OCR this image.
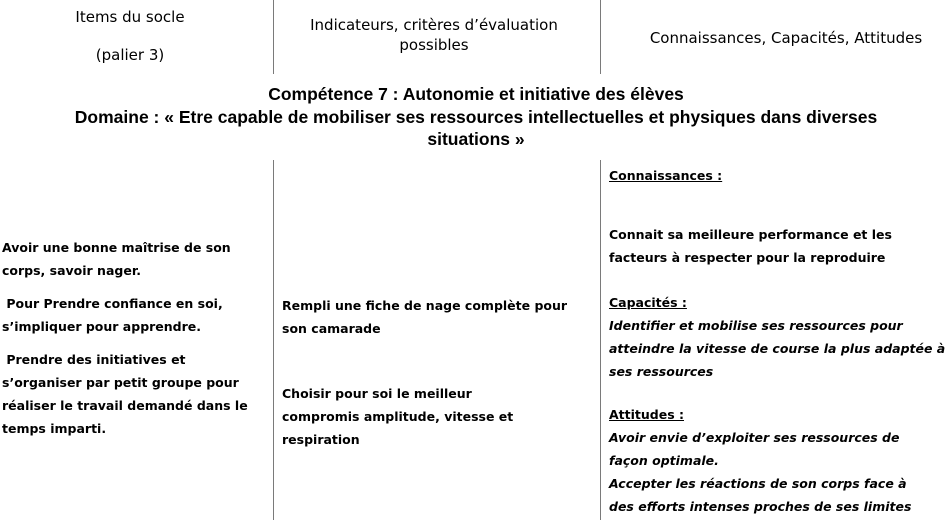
Items du socle

(palier 3)

Indicateurs, critères d’évaluation possibles	Connaissances, Capacités, Attitudes
Compétence 7 : Autonomie et initiative des élèves
Domaine : « Etre capable de mobiliser ses ressources intellectuelles et physiques dans diverses
situations »

Avoir une bonne maîtrise de son corps, savoir nager.

Pour Prendre confiance en soi, s’impliquer pour apprendre.

Prendre des initiatives et s’organiser par petit groupe pour réaliser le travail demandé dans le temps imparti.

Rempli une fiche de nage complète pour son camarade

Choisir pour soi le meilleur compromis amplitude, vitesse et respiration

Connaissances :

Connait sa meilleure performance et les facteurs à respecter pour la reproduire

Capacités :

Identifier et mobilise ses ressources pour atteindre la vitesse de course la plus adaptée à ses ressources

Attitudes :

Avoir envie d’exploiter ses ressources de façon optimale.

Accepter les réactions de son corps face à des efforts intenses proches de ses limites
